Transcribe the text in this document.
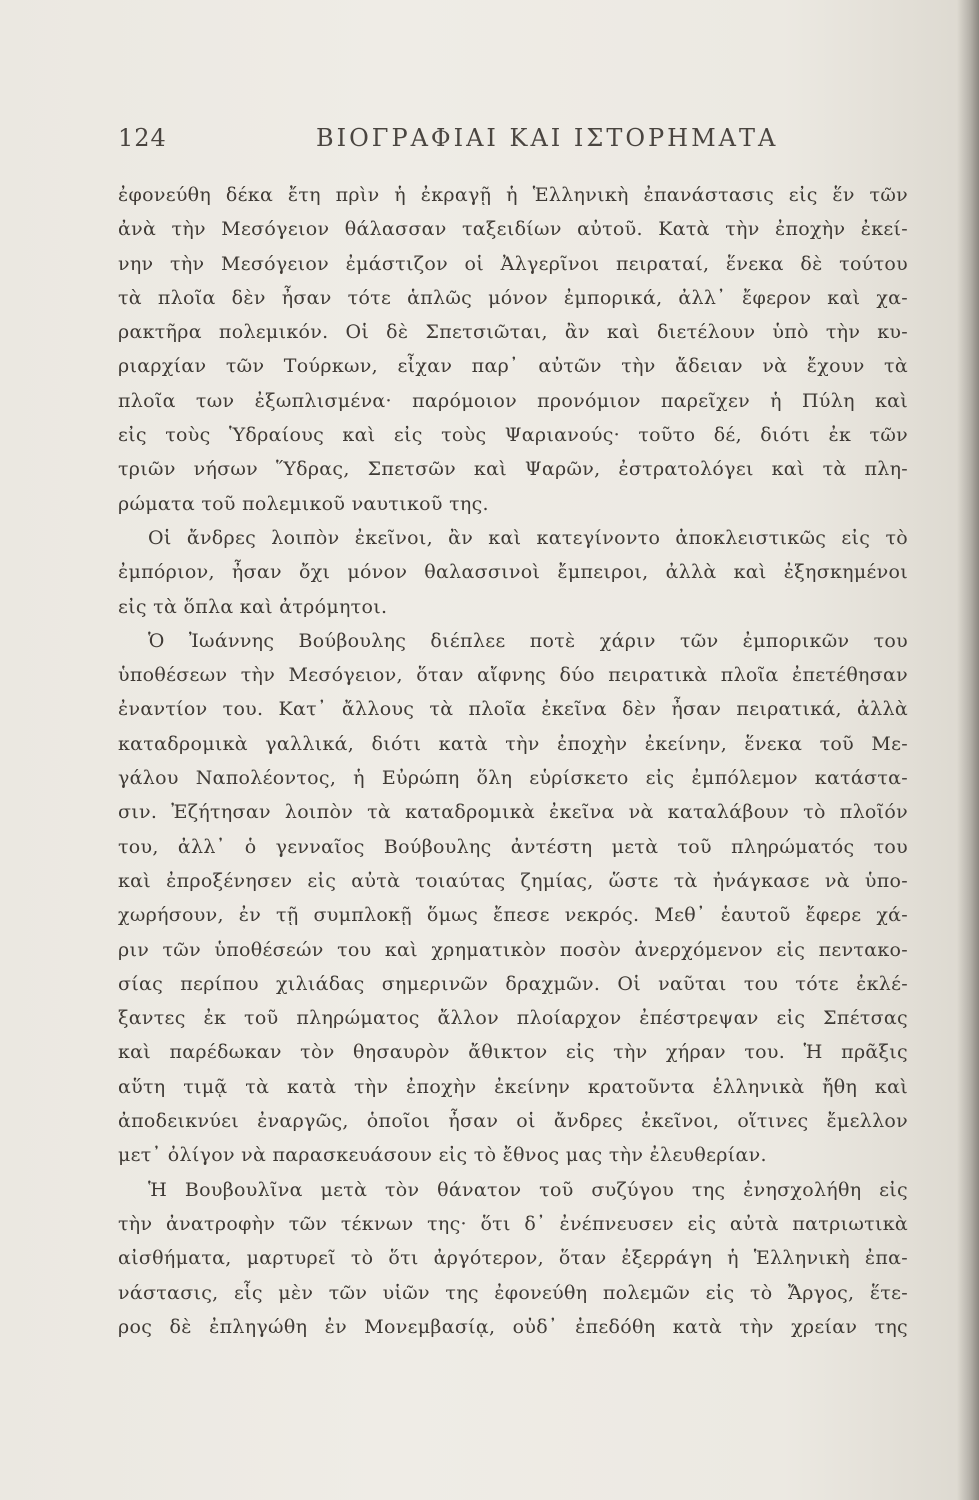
124	ΒΙΟΓΡΑΦΙΑΙ ΚΑΙ ΙΣΤΟΡΗΜΑΤΑ
ἐφονεύθη δέκα ἔτη πρὶν ἡ ἐκραγῇ ἡ Ἑλληνικὴ ἐπανάστασις εἰς ἕν τῶν
ἀνὰ τὴν Μεσόγειον θάλασσαν ταξειδίων αὐτοῦ. Κατὰ τὴν ἐποχὴν ἐκεί-
νην τὴν Μεσόγειον ἐμάστιζον οἱ Ἀλγερῖνοι πειραταί, ἕνεκα δὲ τούτου
τὰ πλοῖα δὲν ἦσαν τότε ἁπλῶς μόνον ἐμπορικά, ἀλλ᾽ ἔφερον καὶ χα-
ρακτῆρα πολεμικόν. Οἱ δὲ Σπετσιῶται, ἂν καὶ διετέλουν ὑπὸ τὴν κυ-
ριαρχίαν τῶν Τούρκων, εἶχαν παρ᾽ αὐτῶν τὴν ἄδειαν νὰ ἔχουν τὰ
πλοῖα των ἐξωπλισμένα· παρόμοιον προνόμιον παρεῖχεν ἡ Πύλη καὶ
εἰς τοὺς Ὑδραίους καὶ εἰς τοὺς Ψαριανούς· τοῦτο δέ, διότι ἐκ τῶν
τριῶν νήσων Ὕδρας, Σπετσῶν καὶ Ψαρῶν, ἐστρατολόγει καὶ τὰ πλη-
ρώματα τοῦ πολεμικοῦ ναυτικοῦ της.
Οἱ ἄνδρες λοιπὸν ἐκεῖνοι, ἂν καὶ κατεγίνοντο ἀποκλειστικῶς εἰς τὸ
ἐμπόριον, ἦσαν ὄχι μόνον θαλασσινοὶ ἔμπειροι, ἀλλὰ καὶ ἐξησκημένοι
εἰς τὰ ὅπλα καὶ ἀτρόμητοι.
Ὁ Ἰωάννης Βούβουλης διέπλεε ποτὲ χάριν τῶν ἐμπορικῶν του
ὑποθέσεων τὴν Μεσόγειον, ὅταν αἴφνης δύο πειρατικὰ πλοῖα ἐπετέθησαν
ἐναντίον του. Κατ᾽ ἄλλους τὰ πλοῖα ἐκεῖνα δὲν ἦσαν πειρατικά, ἀλλὰ
καταδρομικὰ γαλλικά, διότι κατὰ τὴν ἐποχὴν ἐκείνην, ἕνεκα τοῦ Με-
γάλου Ναπολέοντος, ἡ Εὐρώπη ὅλη εὑρίσκετο εἰς ἐμπόλεμον κατάστα-
σιν. Ἐζήτησαν λοιπὸν τὰ καταδρομικὰ ἐκεῖνα νὰ καταλάβουν τὸ πλοῖόν
του, ἀλλ᾽ ὁ γενναῖος Βούβουλης ἀντέστη μετὰ τοῦ πληρώματός του
καὶ ἐπροξένησεν εἰς αὐτὰ τοιαύτας ζημίας, ὥστε τὰ ἠνάγκασε νὰ ὑπο-
χωρήσουν, ἐν τῇ συμπλοκῇ ὅμως ἔπεσε νεκρός. Μεθ᾽ ἑαυτοῦ ἔφερε χά-
ριν τῶν ὑποθέσεών του καὶ χρηματικὸν ποσὸν ἀνερχόμενον εἰς πεντακο-
σίας περίπου χιλιάδας σημερινῶν δραχμῶν. Οἱ ναῦται του τότε ἐκλέ-
ξαντες ἐκ τοῦ πληρώματος ἄλλον πλοίαρχον ἐπέστρεψαν εἰς Σπέτσας
καὶ παρέδωκαν τὸν θησαυρὸν ἄθικτον εἰς τὴν χήραν του. Ἡ πρᾶξις
αὕτη τιμᾷ τὰ κατὰ τὴν ἐποχὴν ἐκείνην κρατοῦντα ἑλληνικὰ ἤθη καὶ
ἀποδεικνύει ἐναργῶς, ὁποῖοι ἦσαν οἱ ἄνδρες ἐκεῖνοι, οἵτινες ἔμελλον
μετ᾽ ὀλίγον νὰ παρασκευάσουν εἰς τὸ ἔθνος μας τὴν ἐλευθερίαν.
Ἡ Βουβουλῖνα μετὰ τὸν θάνατον τοῦ συζύγου της ἐνησχολήθη εἰς
τὴν ἀνατροφὴν τῶν τέκνων της· ὅτι δ᾽ ἐνέπνευσεν εἰς αὐτὰ πατριωτικὰ
αἰσθήματα, μαρτυρεῖ τὸ ὅτι ἀργότερον, ὅταν ἐξερράγη ἡ Ἑλληνικὴ ἐπα-
νάστασις, εἷς μὲν τῶν υἱῶν της ἐφονεύθη πολεμῶν εἰς τὸ Ἄργος, ἕτε-
ρος δὲ ἐπληγώθη ἐν Μονεμβασίᾳ, οὐδ᾽ ἐπεδόθη κατὰ τὴν χρείαν της
